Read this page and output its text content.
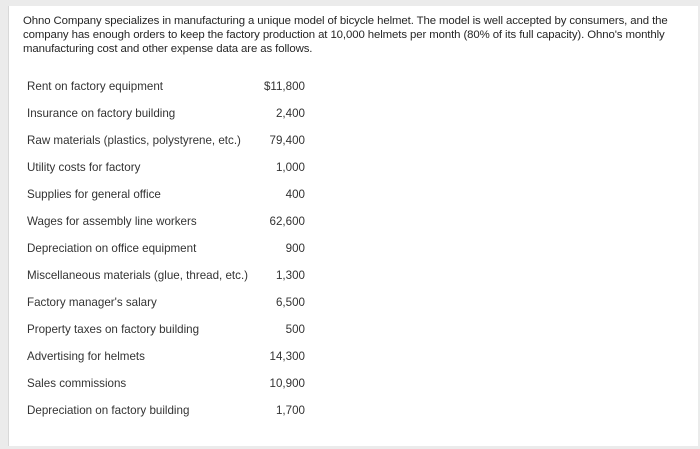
Ohno Company specializes in manufacturing a unique model of bicycle helmet. The model is well accepted by consumers, and the company has enough orders to keep the factory production at 10,000 helmets per month (80% of its full capacity). Ohno's monthly manufacturing cost and other expense data are as follows.
Rent on factory equipment	$11,800
Insurance on factory building	2,400
Raw materials (plastics, polystyrene, etc.) 79,400
Utility costs for factory	1,000
Supplies for general office	400
Wages for assembly line workers	62,600
Depreciation on office equipment	900
Miscellaneous materials (glue, thread, etc.) 1,300
Factory manager's salary	6,500
Property taxes on factory building	500
Advertising for helmets	14,300
Sales commissions	10,900
Depreciation on factory building	1,700
